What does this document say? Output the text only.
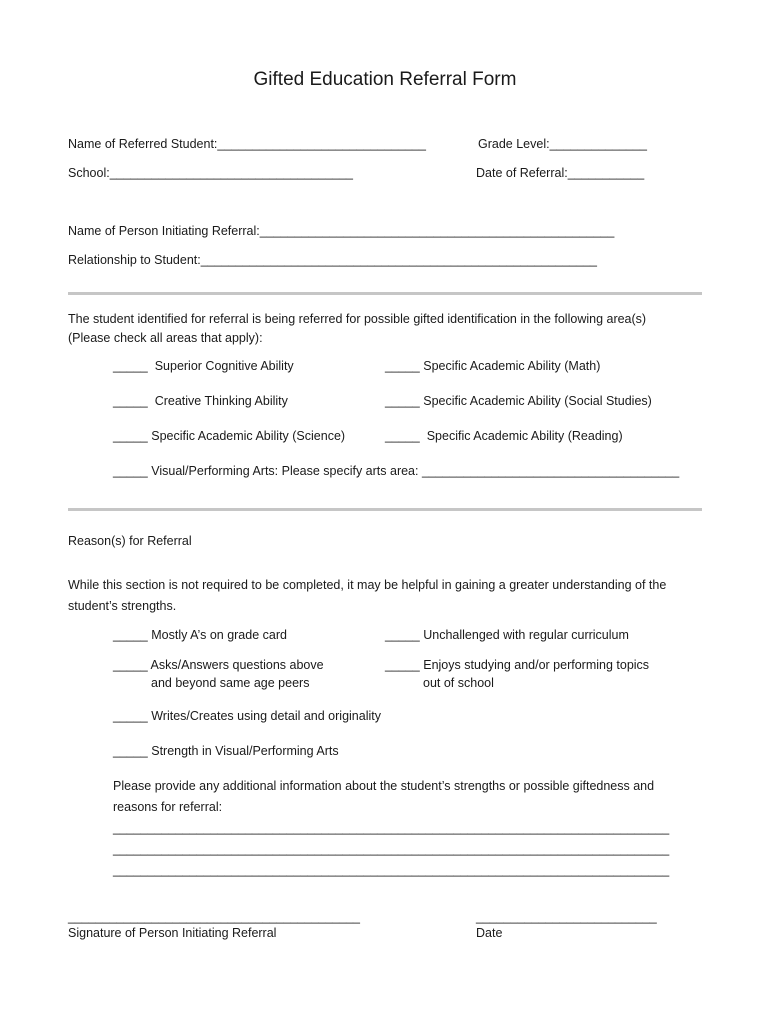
Gifted Education Referral Form
Name of Referred Student:______________________________	Grade Level:______________
School:___________________________________	Date of Referral:___________
Name of Person Initiating Referral:___________________________________________________
Relationship to Student:_________________________________________________________
The student identified for referral is being referred for possible gifted identification in the following area(s)
(Please check all areas that apply):
_____  Superior Cognitive Ability	_____ Specific Academic Ability (Math)
_____  Creative Thinking Ability	_____ Specific Academic Ability (Social Studies)
_____ Specific Academic Ability (Science)	_____  Specific Academic Ability (Reading)
_____ Visual/Performing Arts: Please specify arts area: _____________________________________
Reason(s) for Referral
While this section is not required to be completed, it may be helpful in gaining a greater understanding of the
student’s strengths.
_____ Mostly A’s on grade card	_____ Unchallenged with regular curriculum
_____ Asks/Answers questions above
and beyond same age peers
_____ Enjoys studying and/or performing topics
out of school
_____ Writes/Creates using detail and originality
_____ Strength in Visual/Performing Arts
Please provide any additional information about the student’s strengths or possible giftedness and
reasons for referral:
________________________________________________________________________________
________________________________________________________________________________
________________________________________________________________________________
__________________________________________
Signature of Person Initiating Referral
__________________________
Date
